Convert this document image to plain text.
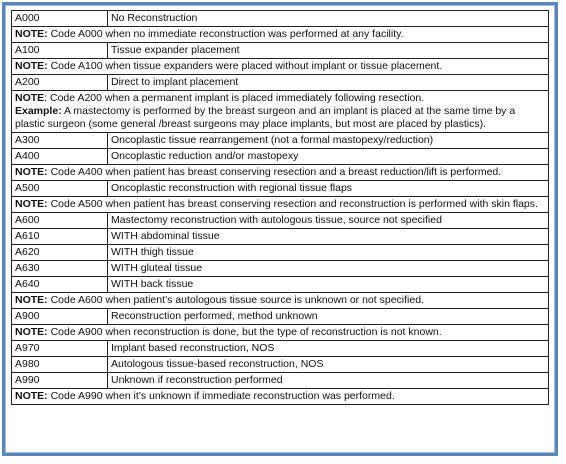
A000	No Reconstruction
NOTE: Code A000 when no immediate reconstruction was performed at any facility.	
A100	Tissue expander placement
NOTE: Code A100 when tissue expanders were placed without implant or tissue placement.	
A200	Direct to implant placement
NOTE: Code A200 when a permanent implant is placed immediately following resection.
Example: A mastectomy is performed by the breast surgeon and an implant is placed at the same time by a plastic surgeon (some general /breast surgeons may place implants, but most are placed by plastics).	
A300	Oncoplastic tissue rearrangement (not a formal mastopexy/reduction)
A400	Oncoplastic reduction and/or mastopexy
NOTE: Code A400 when patient has breast conserving resection and a breast reduction/lift is performed.	
A500	Oncoplastic reconstruction with regional tissue flaps
NOTE: Code A500 when patient has breast conserving resection and reconstruction is performed with skin flaps.	
A600	Mastectomy reconstruction with autologous tissue, source not specified
A610	WITH abdominal tissue
A620	WITH thigh tissue
A630	WITH gluteal tissue
A640	WITH back tissue
NOTE: Code A600 when patient’s autologous tissue source is unknown or not specified.	
A900	Reconstruction performed, method unknown
NOTE: Code A900 when reconstruction is done, but the type of reconstruction is not known.	
A970	Implant based reconstruction, NOS
A980	Autologous tissue-based reconstruction, NOS
A990	Unknown if reconstruction performed
NOTE: Code A990 when it’s unknown if immediate reconstruction was performed.	
